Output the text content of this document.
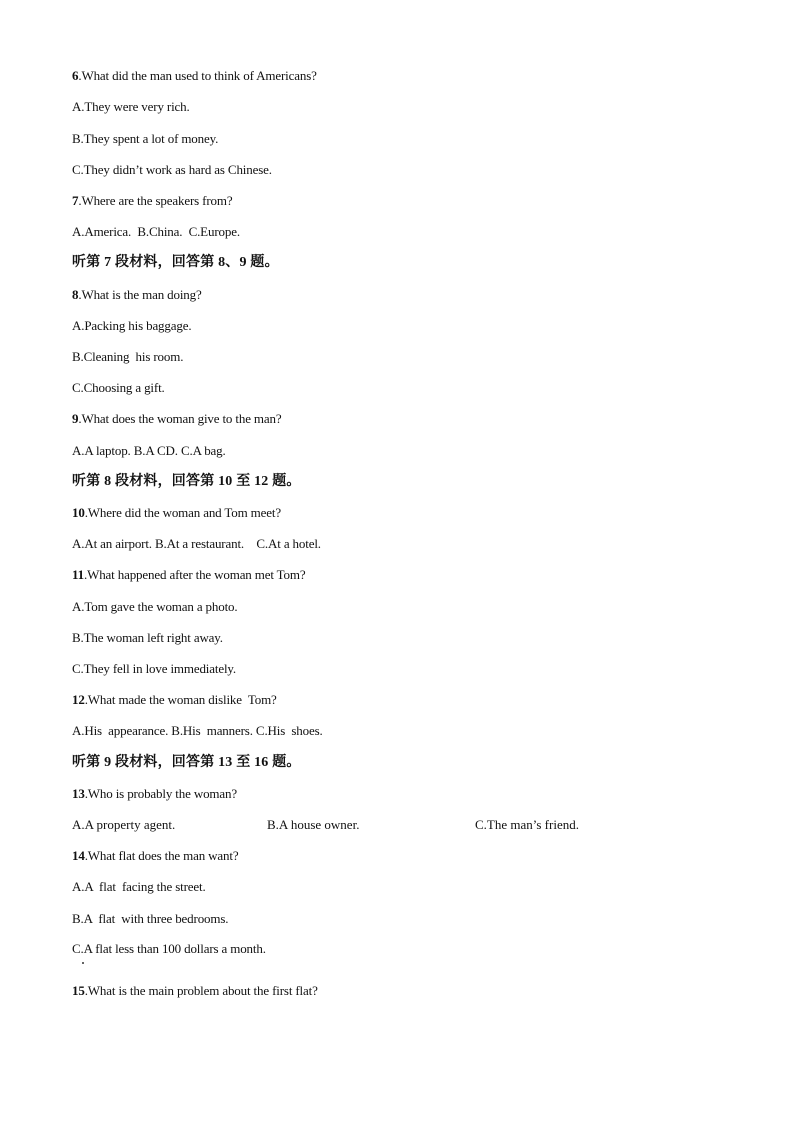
6.What did the man used to think of Americans?
A.They were very rich.
B.They spent a lot of money.
C.They didn’t work as hard as Chinese.
7.Where are the speakers from?
A.America.  B.China.  C.Europe.
听第 7 段材料，回答第 8、9 题。
8.What is the man doing?
A.Packing his baggage.
B.Cleaning  his room.
C.Choosing a gift.
9.What does the woman give to the man?
A.A laptop. B.A CD. C.A bag.
听第 8 段材料，回答第 10 至 12 题。
10.Where did the woman and Tom meet?
A.At an airport. B.At a restaurant.    C.At a hotel.
11.What happened after the woman met Tom?
A.Tom gave the woman a photo.
B.The woman left right away.
C.They fell in love immediately.
12.What made the woman dislike  Tom?
A.His  appearance. B.His  manners. C.His  shoes.
听第 9 段材料，回答第 13 至 16 题。
13.Who is probably the woman?
A.A property agent.	B.A house owner.	C.The man’s friend.
14.What flat does the man want?
A.A  flat  facing the street.
B.A  flat  with three bedrooms.
C.A flat less than 100 dollars a month.
15.What is the main problem about the first flat?
